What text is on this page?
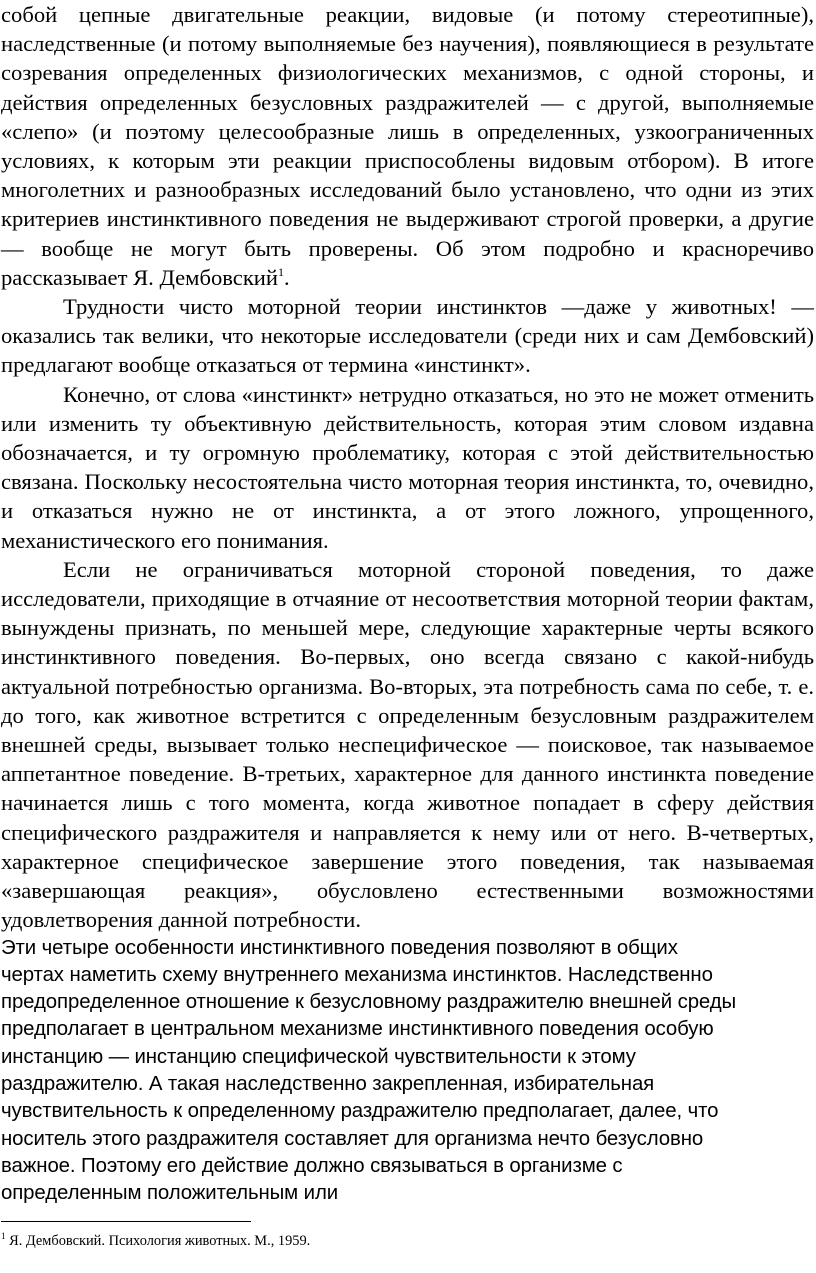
собой цепные двигательные реакции, видовые (и потому стереотипные), наследственные (и потому выполняемые без научения), появляющиеся в результате созревания определенных физиологических механизмов, с одной стороны, и действия определенных безусловных раздражителей — с другой, выполняемые «слепо» (и поэтому целесообразные лишь в определенных, узкоограниченных условиях, к которым эти реакции приспособлены видовым отбором). В итоге многолетних и разнообразных исследований было установлено, что одни из этих критериев инстинктивного поведения не выдерживают строгой проверки, а другие — вообще не могут быть проверены. Об этом подробно и красноречиво рассказывает Я. Дембовский$^1$.

Трудности чисто моторной теории инстинктов —даже у животных! — оказались так велики, что некоторые исследователи (среди них и сам Дембовский) предлагают вообще отказаться от термина «инстинкт».

Конечно, от слова «инстинкт» нетрудно отказаться, но это не может отменить или изменить ту объективную действительность, которая этим словом издавна обозначается, и ту огромную проблематику, которая с этой действительностью связана. Поскольку несостоятельна чисто моторная теория инстинкта, то, очевидно, и отказаться нужно не от инстинкта, а от этого ложного, упрощенного, механистического его понимания.

Если не ограничиваться моторной стороной поведения, то даже исследователи, приходящие в отчаяние от несоответствия моторной теории фактам, вынуждены признать, по меньшей мере, следующие характерные черты всякого инстинктивного поведения. Во-первых, оно всегда связано с какой-нибудь актуальной потребностью организма. Во-вторых, эта потребность сама по себе, т. е. до того, как животное встретится с определенным безусловным раздражителем внешней среды, вызывает только неспецифическое — поисковое, так называемое аппетантное поведение. В-третьих, характерное для данного инстинкта поведение начинается лишь с того момента, когда животное попадает в сферу действия специфического раздражителя и направляется к нему или от него. В-четвертых, характерное специфическое завершение этого поведения, так называемая «завершающая реакция», обусловлено естественными возможностями удовлетворения данной потребности.

Эти четыре особенности инстинктивного поведения позволяют в общих
чертах наметить схему внутреннего механизма инстинктов. Наследственно
предопределенное отношение к безусловному раздражителю внешней среды
предполагает в центральном механизме инстинктивного поведения особую
инстанцию — инстанцию специфической чувствительности к этому
раздражителю. А такая наследственно закрепленная, избирательная
чувствительность к определенному раздражителю предполагает, далее, что
носитель этого раздражителя составляет для организма нечто безусловно
важное. Поэтому его действие должно связываться в организме с
определенным положительным или

$^1$ Я. Дембовский. Психология животных. М., 1959.
